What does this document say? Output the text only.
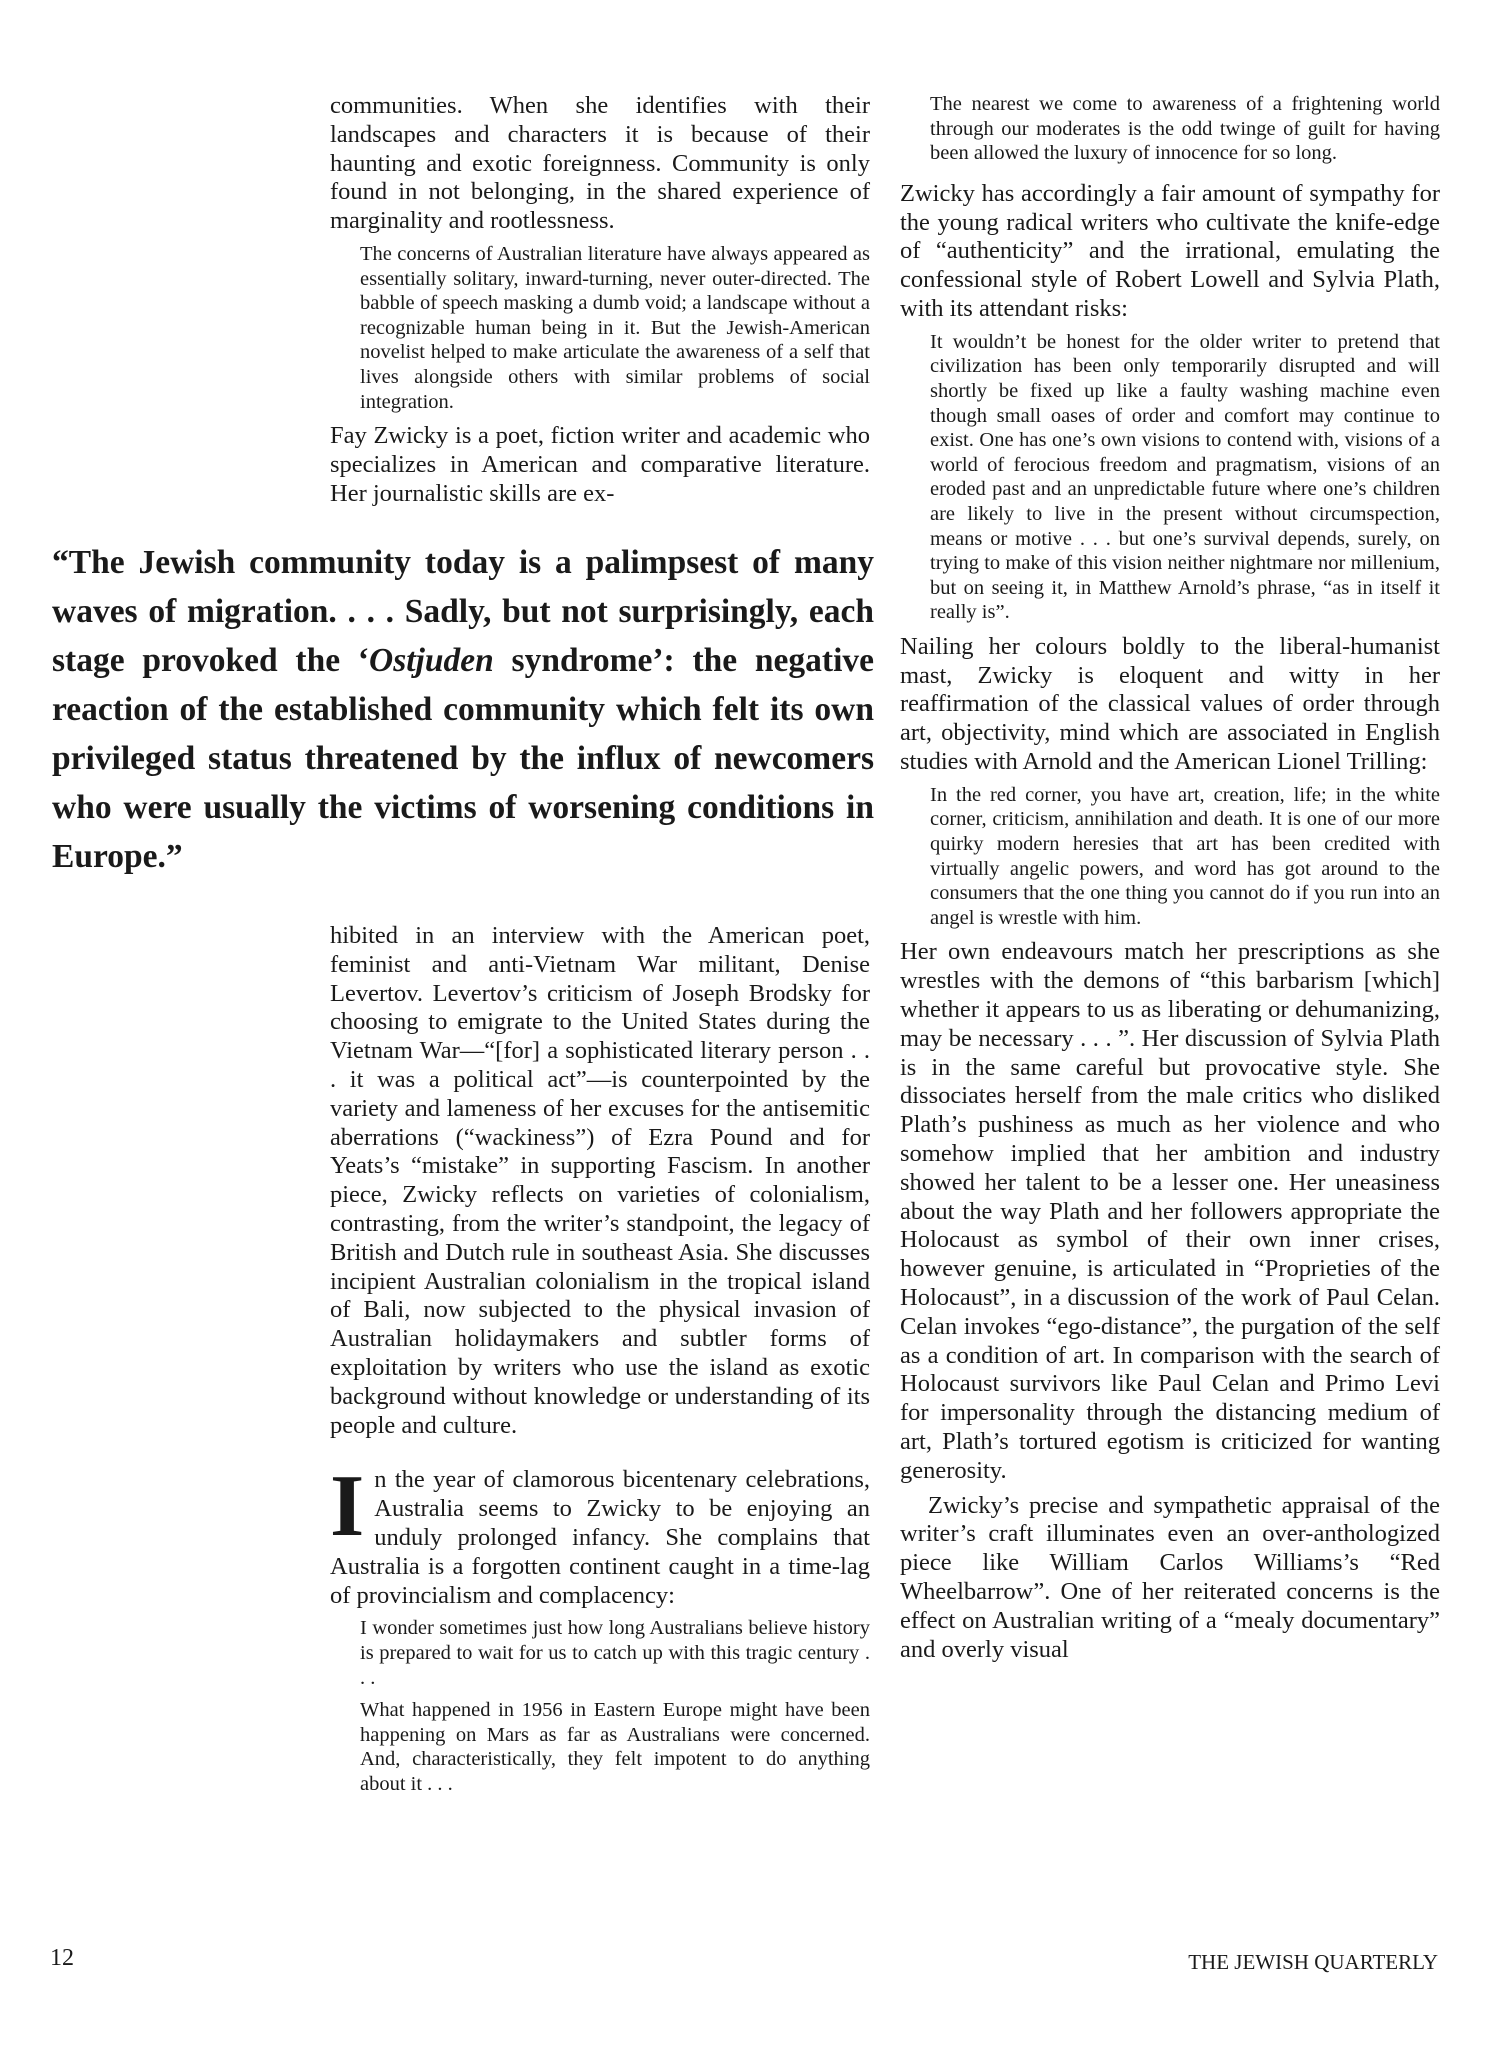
communities. When she identifies with their landscapes and characters it is because of their haunting and exotic foreignness. Community is only found in not belonging, in the shared experience of marginality and rootlessness.

The concerns of Australian literature have always appeared as essentially solitary, inward-turning, never outer-directed. The babble of speech masking a dumb void; a landscape without a recognizable human being in it. But the Jewish-American novelist helped to make articulate the awareness of a self that lives alongside others with similar problems of social integration.

Fay Zwicky is a poet, fiction writer and academic who specializes in American and comparative literature. Her journalistic skills are ex-

“The Jewish community today is a palimpsest of many waves of migration. . . . Sadly, but not surprisingly, each stage provoked the ‘Ostjuden syndrome’: the negative reaction of the established community which felt its own privileged status threatened by the influx of newcomers who were usually the victims of worsening conditions in Europe.”

hibited in an interview with the American poet, feminist and anti-Vietnam War militant, Denise Levertov. Levertov’s criticism of Joseph Brodsky for choosing to emigrate to the United States during the Vietnam War—“[for] a sophisticated literary person . . . it was a political act”—is counterpointed by the variety and lameness of her excuses for the antisemitic aberrations (“wackiness”) of Ezra Pound and for Yeats’s “mistake” in supporting Fascism. In another piece, Zwicky reflects on varieties of colonialism, contrasting, from the writer’s standpoint, the legacy of British and Dutch rule in southeast Asia. She discusses incipient Australian colonialism in the tropical island of Bali, now subjected to the physical invasion of Australian holidaymakers and subtler forms of exploitation by writers who use the island as exotic background without knowledge or understanding of its people and culture.

In the year of clamorous bicentenary celebrations, Australia seems to Zwicky to be enjoying an unduly prolonged infancy. She complains that Australia is a forgotten continent caught in a time-lag of provincialism and complacency:

I wonder sometimes just how long Australians believe history is prepared to wait for us to catch up with this tragic century . . .

What happened in 1956 in Eastern Europe might have been happening on Mars as far as Australians were concerned. And, characteristically, they felt impotent to do anything about it . . .

The nearest we come to awareness of a frightening world through our moderates is the odd twinge of guilt for having been allowed the luxury of innocence for so long.

Zwicky has accordingly a fair amount of sympathy for the young radical writers who cultivate the knife-edge of “authenticity” and the irrational, emulating the confessional style of Robert Lowell and Sylvia Plath, with its attendant risks:

It wouldn’t be honest for the older writer to pretend that civilization has been only temporarily disrupted and will shortly be fixed up like a faulty washing machine even though small oases of order and comfort may continue to exist. One has one’s own visions to contend with, visions of a world of ferocious freedom and pragmatism, visions of an eroded past and an unpredictable future where one’s children are likely to live in the present without circumspection, means or motive . . . but one’s survival depends, surely, on trying to make of this vision neither nightmare nor millenium, but on seeing it, in Matthew Arnold’s phrase, “as in itself it really is”.

Nailing her colours boldly to the liberal-humanist mast, Zwicky is eloquent and witty in her reaffirmation of the classical values of order through art, objectivity, mind which are associated in English studies with Arnold and the American Lionel Trilling:

In the red corner, you have art, creation, life; in the white corner, criticism, annihilation and death. It is one of our more quirky modern heresies that art has been credited with virtually angelic powers, and word has got around to the consumers that the one thing you cannot do if you run into an angel is wrestle with him.

Her own endeavours match her prescriptions as she wrestles with the demons of “this barbarism [which] whether it appears to us as liberating or dehumanizing, may be necessary . . . ”. Her discussion of Sylvia Plath is in the same careful but provocative style. She dissociates herself from the male critics who disliked Plath’s pushiness as much as her violence and who somehow implied that her ambition and industry showed her talent to be a lesser one. Her uneasiness about the way Plath and her followers appropriate the Holocaust as symbol of their own inner crises, however genuine, is articulated in “Proprieties of the Holocaust”, in a discussion of the work of Paul Celan. Celan invokes “ego-distance”, the purgation of the self as a condition of art. In comparison with the search of Holocaust survivors like Paul Celan and Primo Levi for impersonality through the distancing medium of art, Plath’s tortured egotism is criticized for wanting generosity.

Zwicky’s precise and sympathetic appraisal of the writer’s craft illuminates even an over-anthologized piece like William Carlos Williams’s “Red Wheelbarrow”. One of her reiterated concerns is the effect on Australian writing of a “mealy documentary” and overly visual

12	THE JEWISH QUARTERLY
